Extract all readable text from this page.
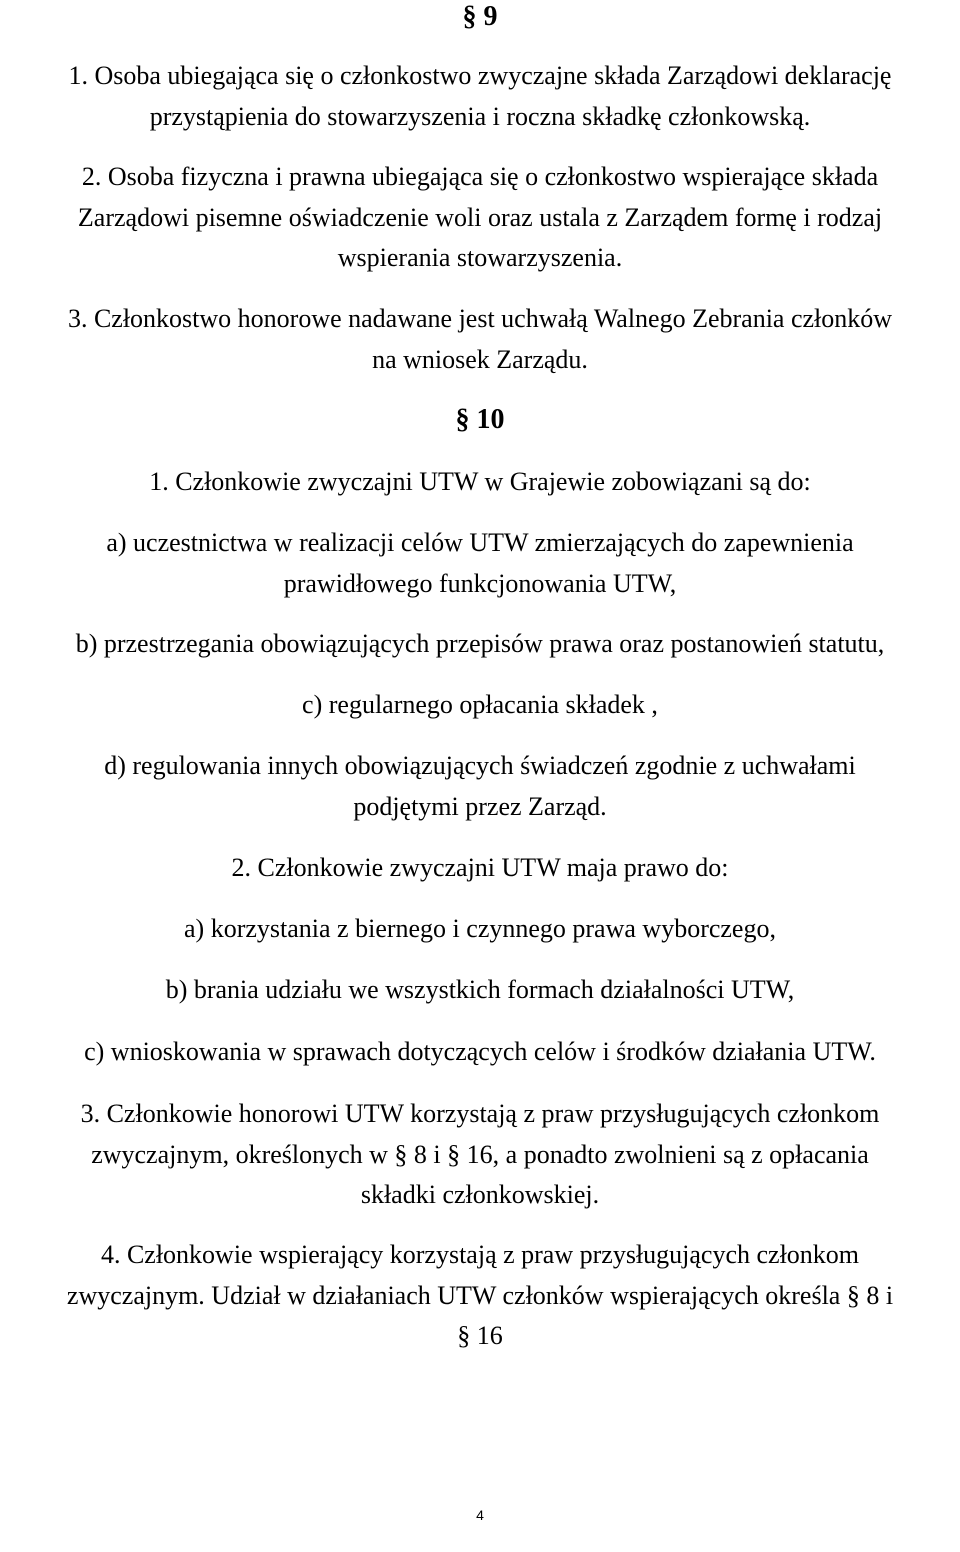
§ 9
1. Osoba ubiegająca się o członkostwo zwyczajne składa Zarządowi deklarację
przystąpienia do stowarzyszenia i roczna składkę członkowską.
2. Osoba fizyczna i prawna ubiegająca się o członkostwo wspierające składa
Zarządowi pisemne oświadczenie woli oraz ustala z Zarządem formę i rodzaj
wspierania stowarzyszenia.
3. Członkostwo honorowe nadawane jest uchwałą Walnego Zebrania członków
na wniosek Zarządu.
§ 10
1. Członkowie zwyczajni UTW w Grajewie zobowiązani są do:
a) uczestnictwa w realizacji celów UTW zmierzających do zapewnienia
prawidłowego funkcjonowania UTW,
b) przestrzegania obowiązujących przepisów prawa oraz postanowień statutu,
c) regularnego opłacania składek ,
d) regulowania innych obowiązujących świadczeń zgodnie z uchwałami
podjętymi przez Zarząd.
2. Członkowie zwyczajni UTW maja prawo do:
a) korzystania z biernego i czynnego prawa wyborczego,
b) brania udziału we wszystkich formach działalności UTW,
c) wnioskowania w sprawach dotyczących celów i środków działania UTW.
3. Członkowie honorowi UTW korzystają z praw przysługujących członkom
zwyczajnym, określonych w § 8 i § 16, a ponadto zwolnieni są z opłacania
składki członkowskiej.
4. Członkowie wspierający korzystają z praw przysługujących członkom
zwyczajnym. Udział w działaniach UTW członków wspierających określa § 8 i
§ 16
4
